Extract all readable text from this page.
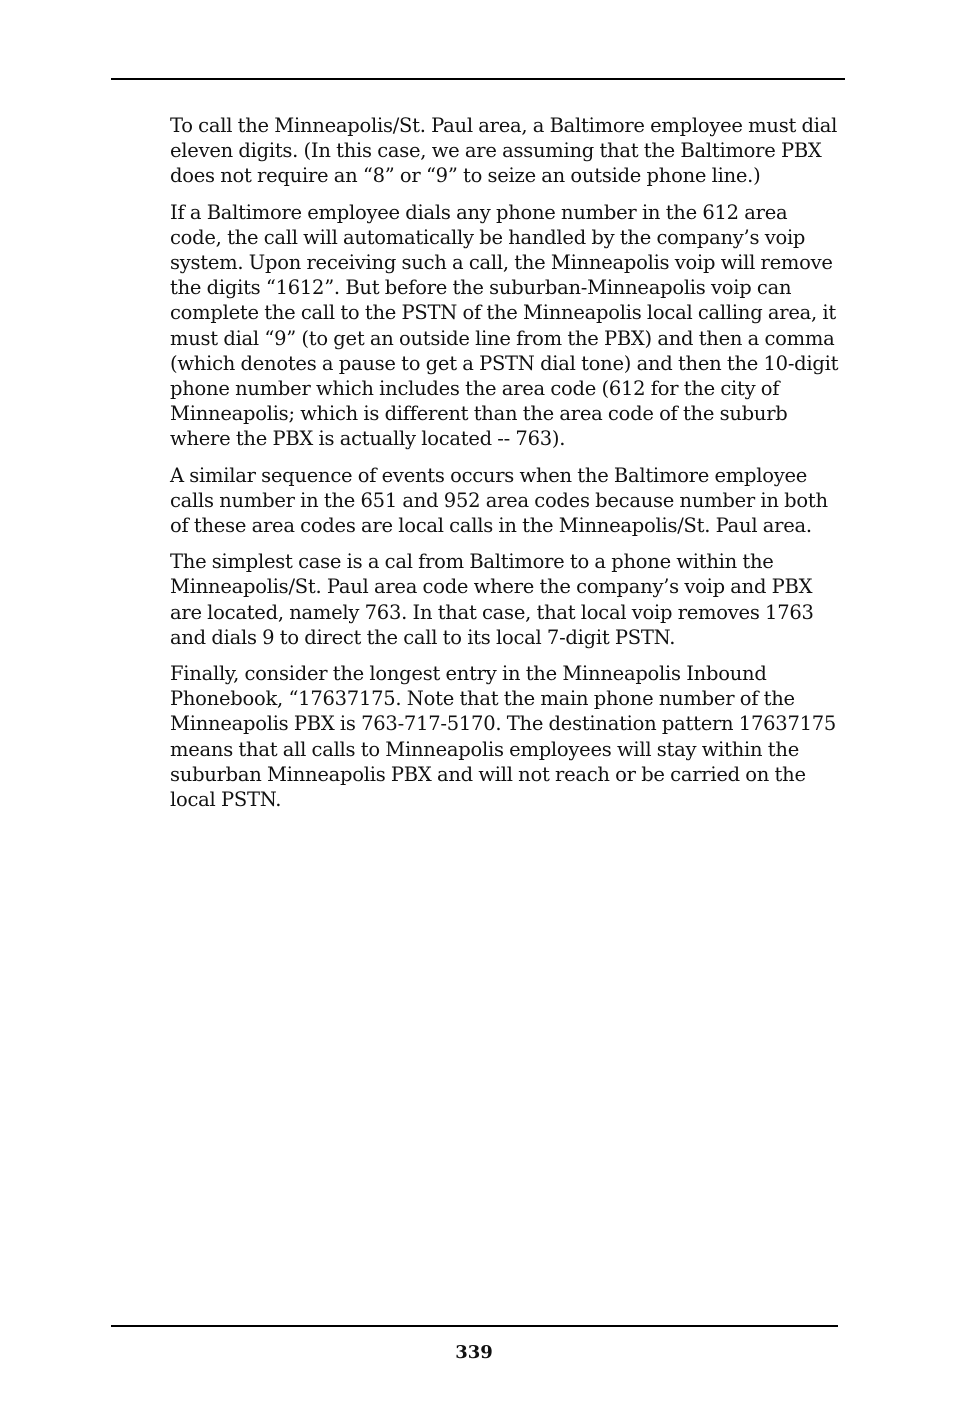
To call the Minneapolis/St. Paul area, a Baltimore employee must dial eleven digits. (In this case, we are assuming that the Baltimore PBX does not require an “8” or “9” to seize an outside phone line.)

If a Baltimore employee dials any phone number in the 612 area code, the call will automatically be handled by the company’s voip system. Upon receiving such a call, the Minneapolis voip will remove the digits “1612”. But before the suburban-Minneapolis voip can complete the call to the PSTN of the Minneapolis local calling area, it must dial “9” (to get an outside line from the PBX) and then a comma (which denotes a pause to get a PSTN dial tone) and then the 10-digit phone number which includes the area code (612 for the city of Minneapolis; which is different than the area code of the suburb where the PBX is actually located -- 763).

A similar sequence of events occurs when the Baltimore employee calls number in the 651 and 952 area codes because number in both of these area codes are local calls in the Minneapolis/St. Paul area.

The simplest case is a cal from Baltimore to a phone within the Minneapolis/St. Paul area code where the company’s voip and PBX are located, namely 763. In that case, that local voip removes 1763 and dials 9 to direct the call to its local 7-digit PSTN.

Finally, consider the longest entry in the Minneapolis Inbound Phonebook, “17637175. Note that the main phone number of the Minneapolis PBX is 763-717-5170. The destination pattern 17637175 means that all calls to Minneapolis employees will stay within the suburban Minneapolis PBX and will not reach or be carried on the local PSTN.

339
